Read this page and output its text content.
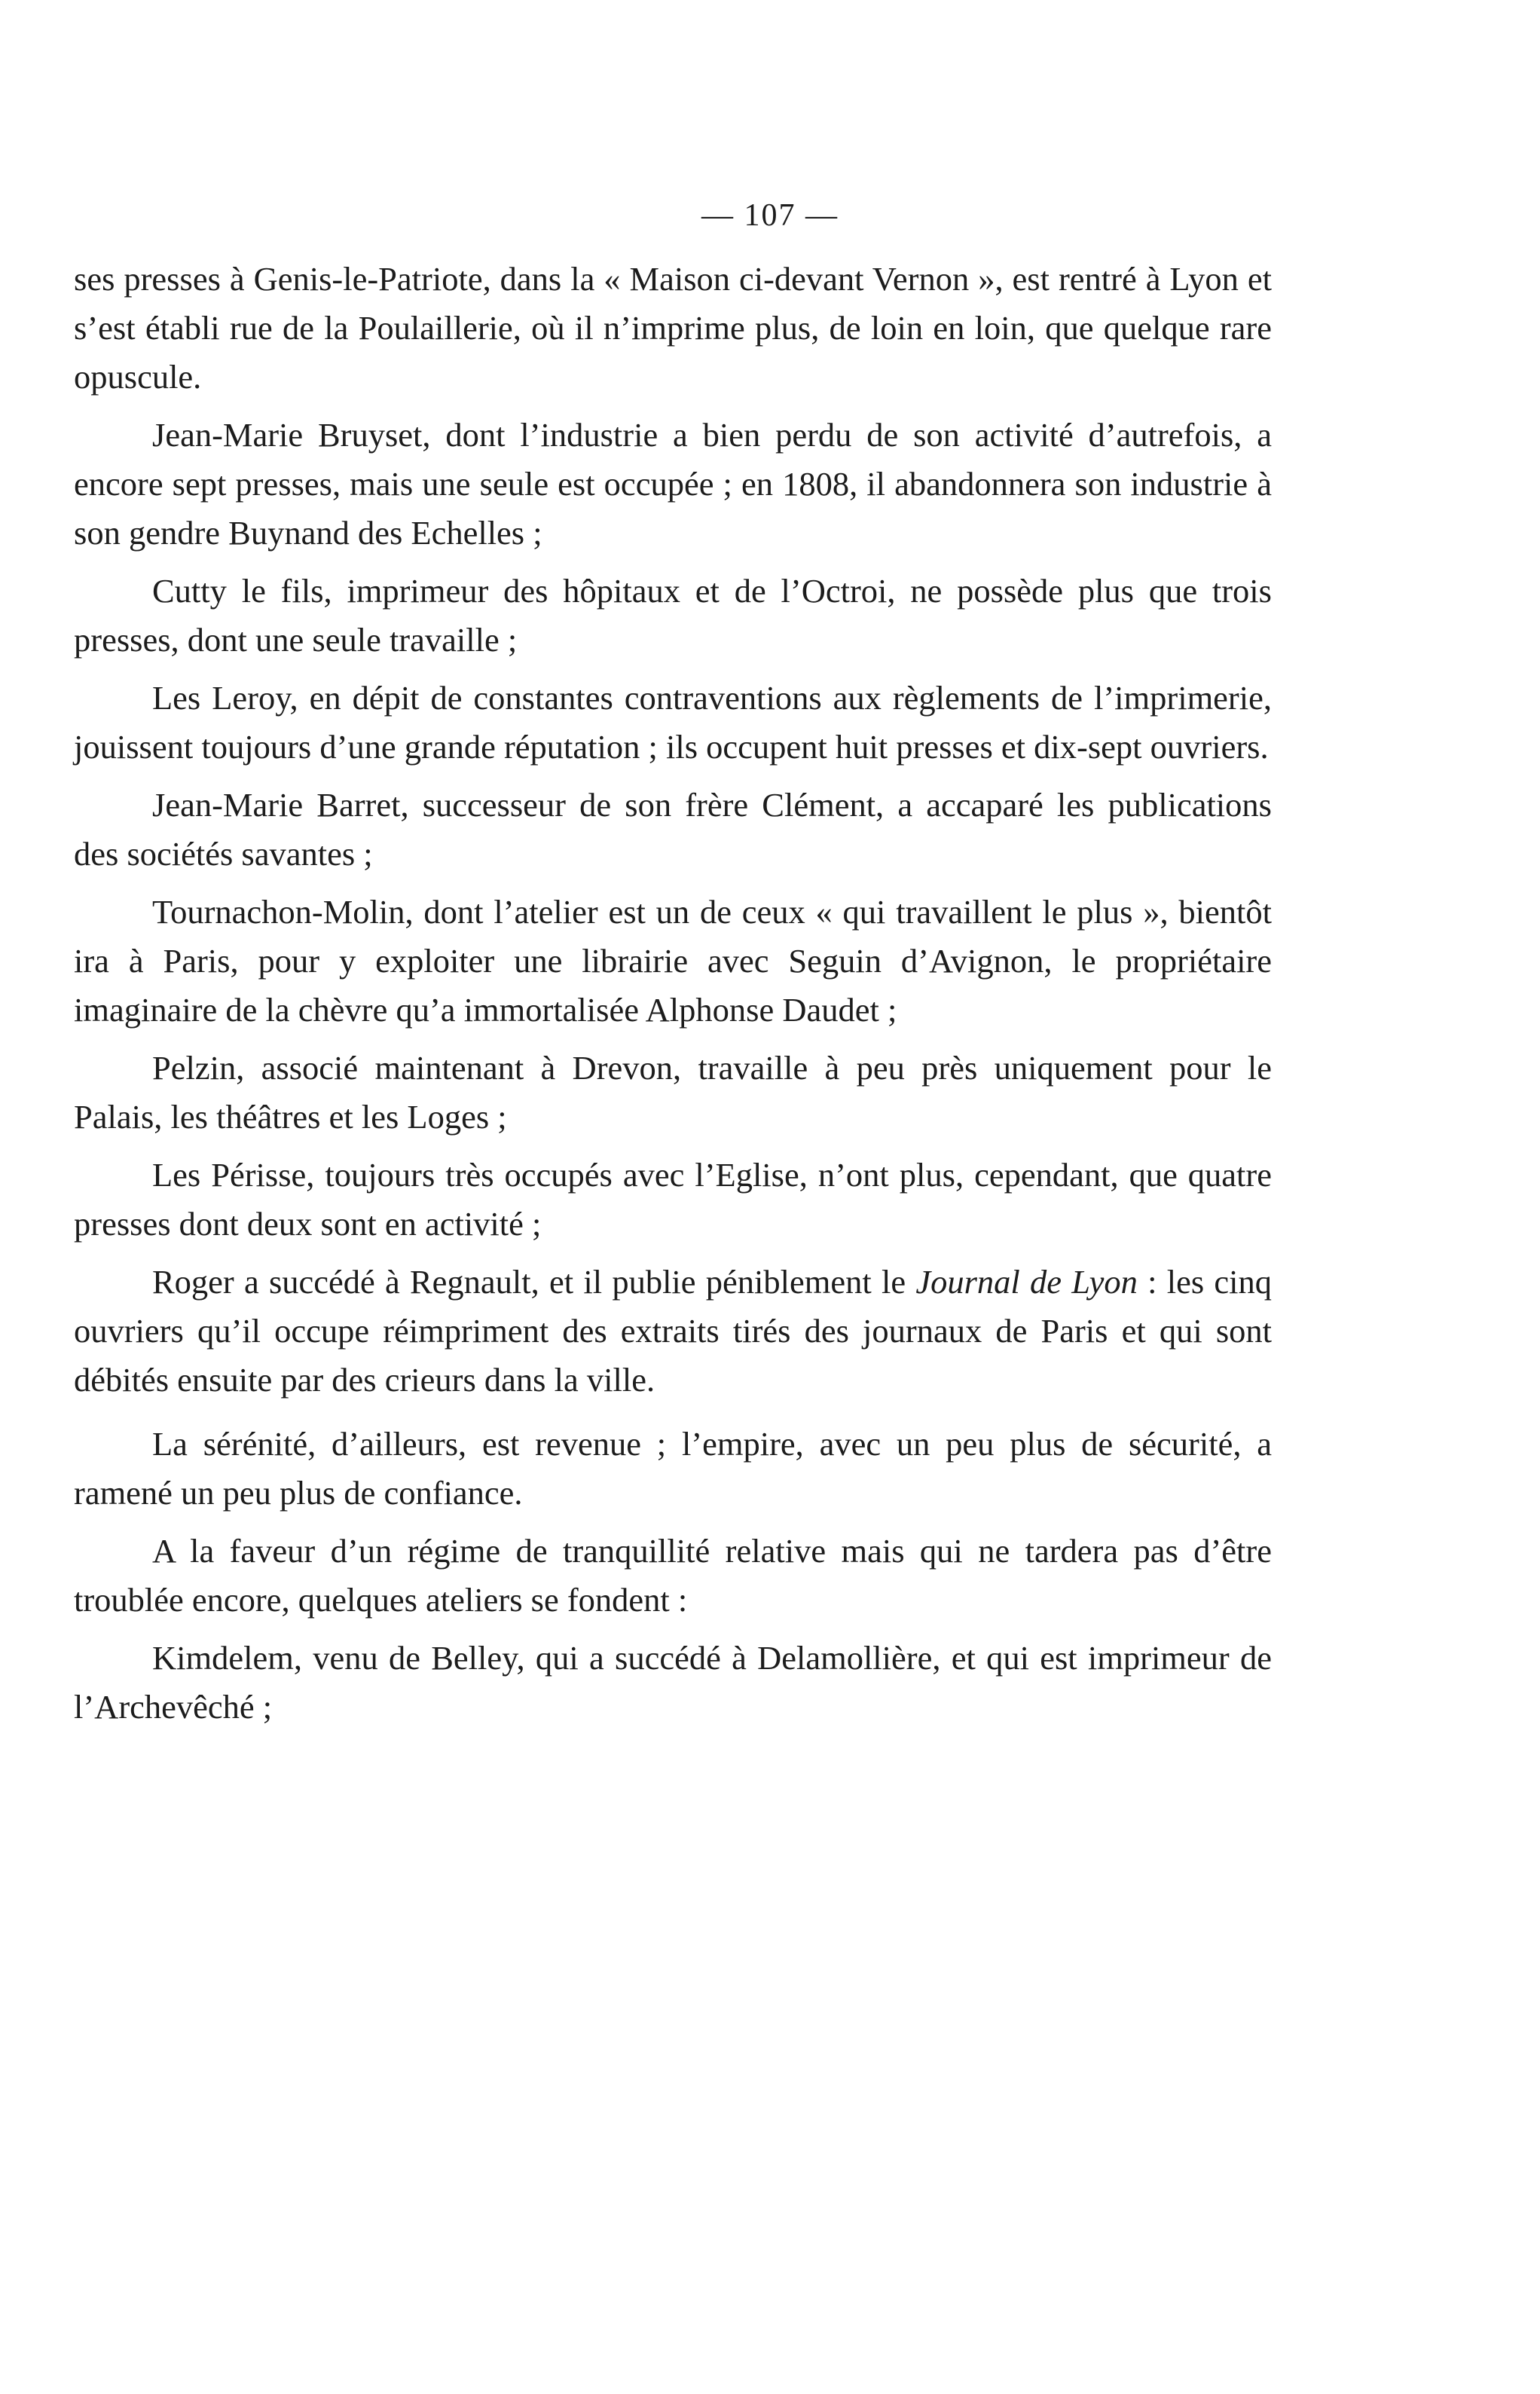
— 107 —

ses presses à Genis-le-Patriote, dans la « Maison ci-devant Vernon », est rentré à Lyon et s’est établi rue de la Poulaillerie, où il n’imprime plus, de loin en loin, que quelque rare opuscule.

Jean-Marie Bruyset, dont l’industrie a bien perdu de son activité d’autrefois, a encore sept presses, mais une seule est occupée ; en 1808, il abandonnera son industrie à son gendre Buynand des Echelles ;

Cutty le fils, imprimeur des hôpitaux et de l’Octroi, ne possède plus que trois presses, dont une seule travaille ;

Les Leroy, en dépit de constantes contraventions aux règlements de l’imprimerie, jouissent toujours d’une grande réputation ; ils occupent huit presses et dix-sept ouvriers.

Jean-Marie Barret, successeur de son frère Clément, a accaparé les publications des sociétés savantes ;

Tournachon-Molin, dont l’atelier est un de ceux « qui travaillent le plus », bientôt ira à Paris, pour y exploiter une librairie avec Seguin d’Avignon, le propriétaire imaginaire de la chèvre qu’a immortalisée Alphonse Daudet ;

Pelzin, associé maintenant à Drevon, travaille à peu près uniquement pour le Palais, les théâtres et les Loges ;

Les Périsse, toujours très occupés avec l’Eglise, n’ont plus, cependant, que quatre presses dont deux sont en activité ;

Roger a succédé à Regnault, et il publie péniblement le Journal de Lyon : les cinq ouvriers qu’il occupe réimpriment des extraits tirés des journaux de Paris et qui sont débités ensuite par des crieurs dans la ville.

La sérénité, d’ailleurs, est revenue ; l’empire, avec un peu plus de sécurité, a ramené un peu plus de confiance.

A la faveur d’un régime de tranquillité relative mais qui ne tardera pas d’être troublée encore, quelques ateliers se fondent :

Kimdelem, venu de Belley, qui a succédé à Delamollière, et qui est imprimeur de l’Archevêché ;
